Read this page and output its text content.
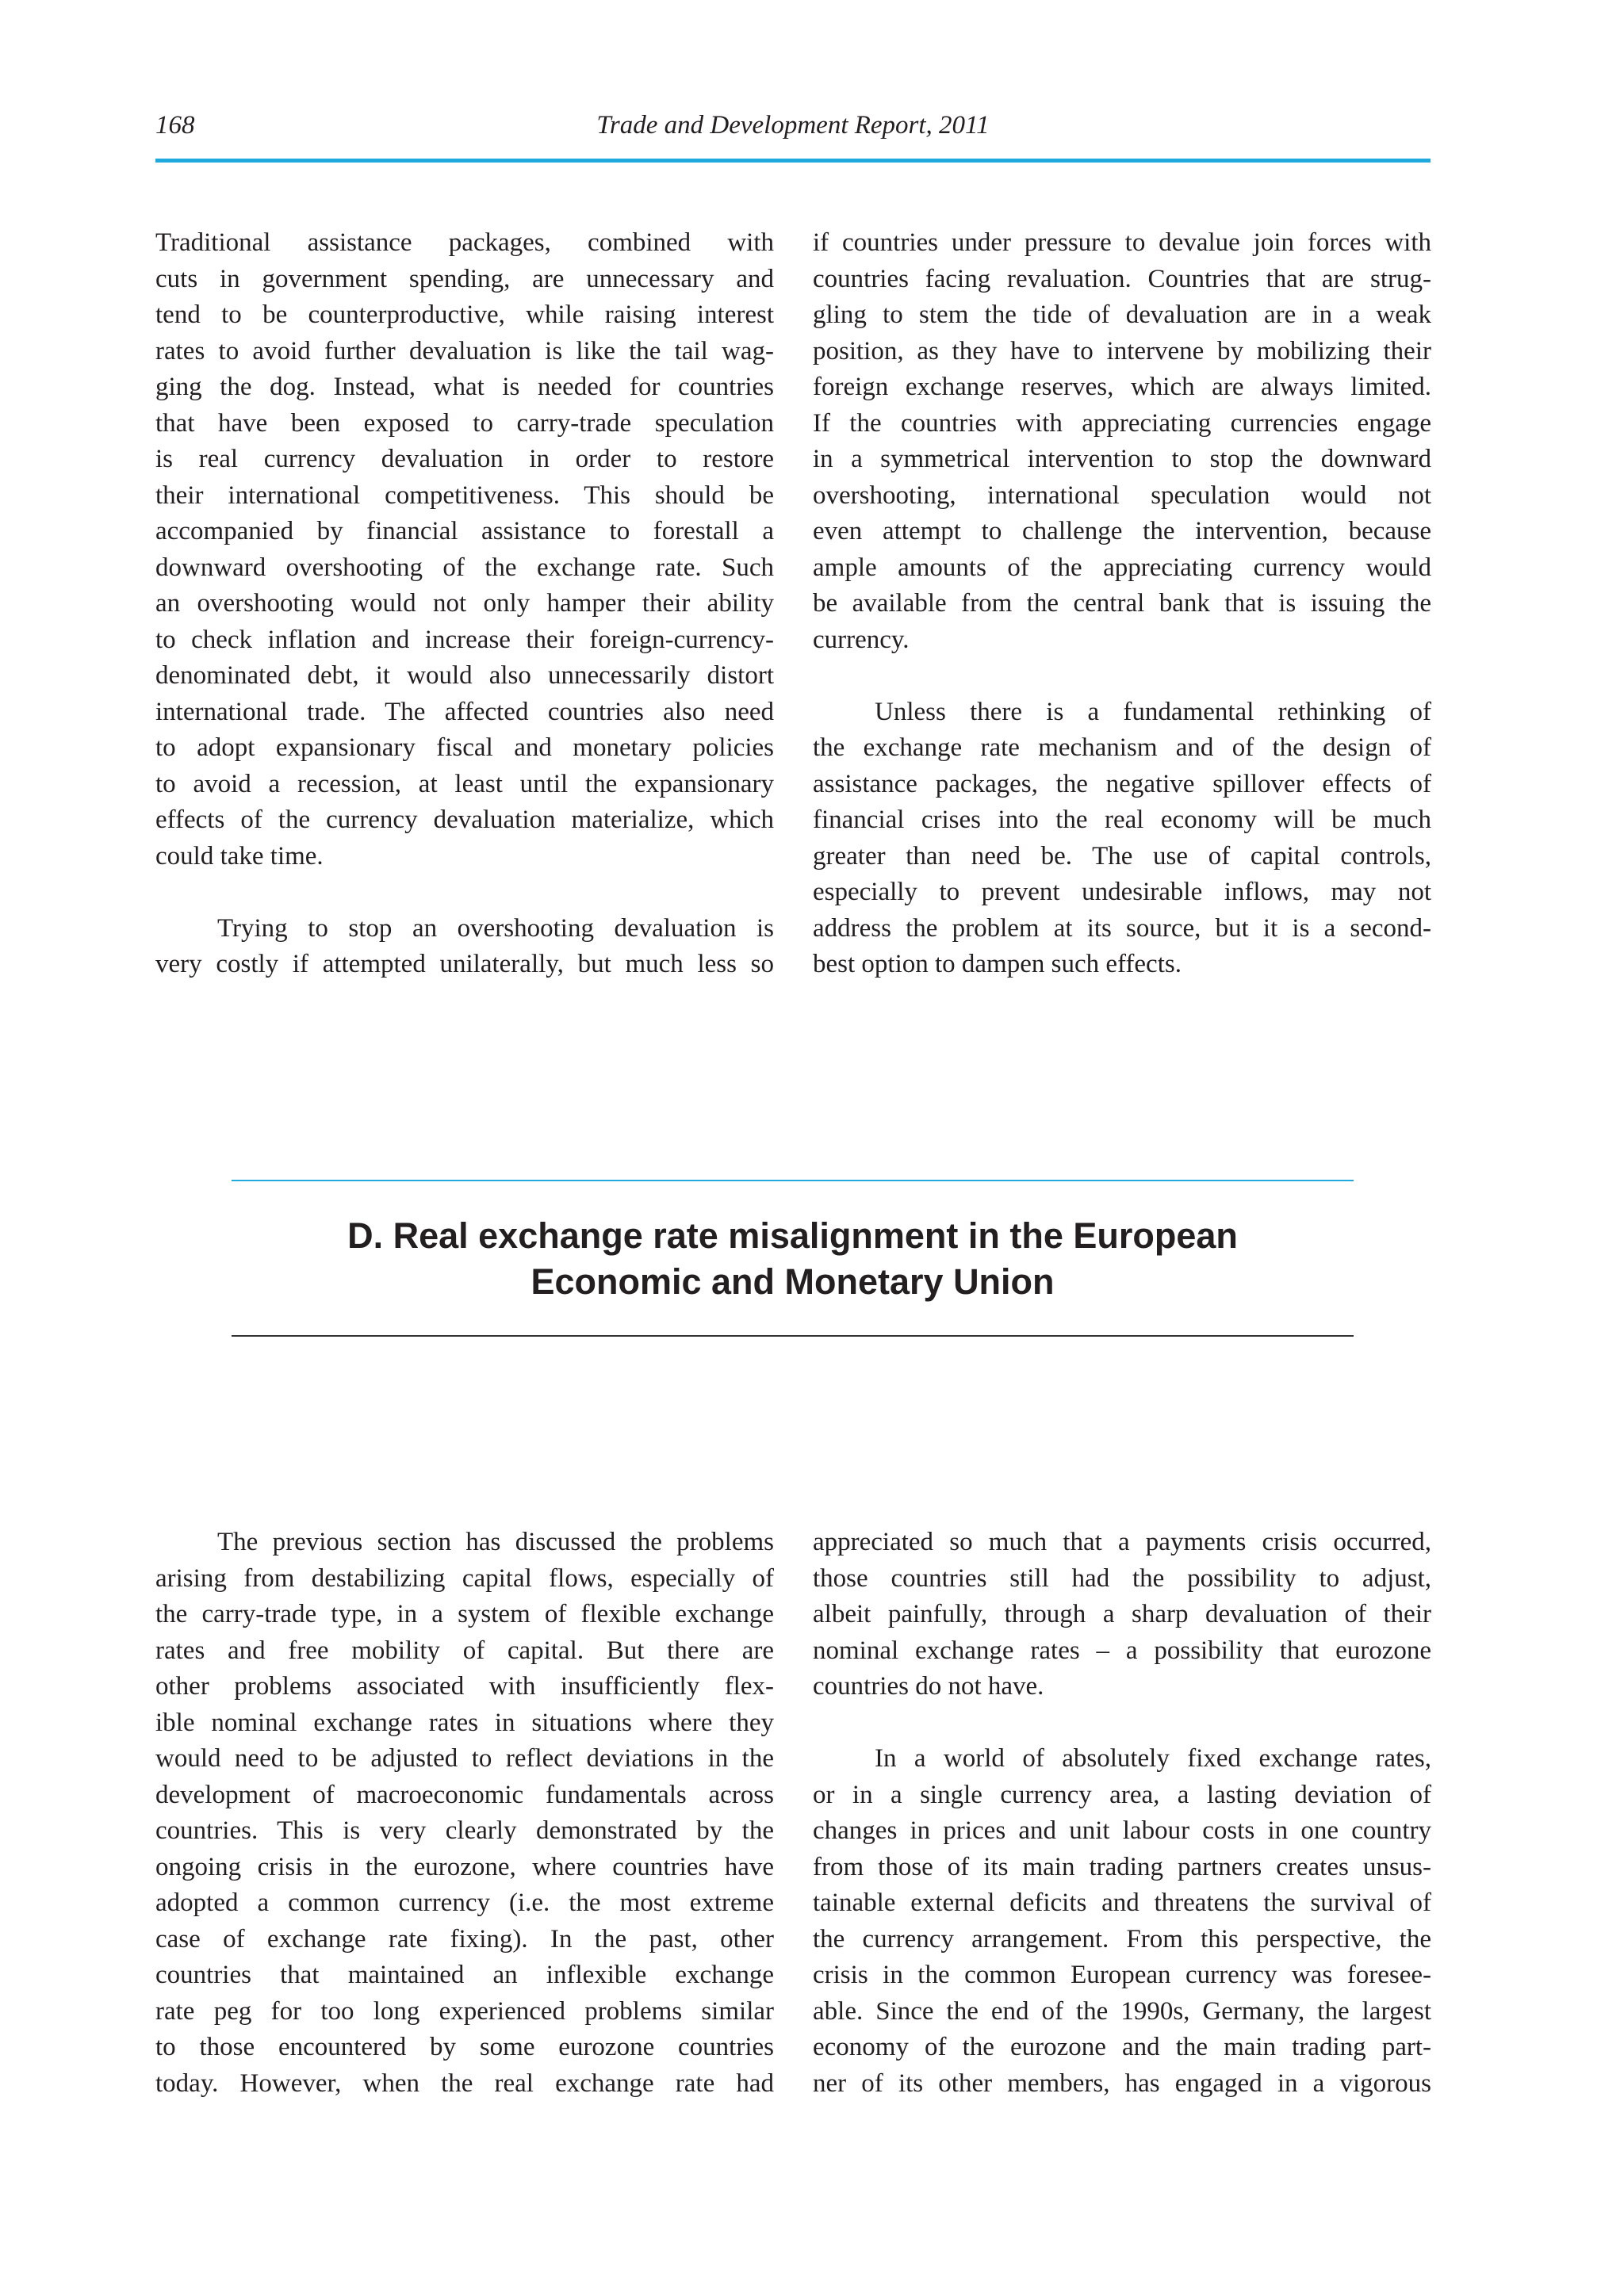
168	Trade and Development Report, 2011
Traditional assistance packages, combined with
cuts in government spending, are unnecessary and
tend to be counterproductive, while raising interest
rates to avoid further devaluation is like the tail wag-
ging the dog. Instead, what is needed for countries
that have been exposed to carry-trade speculation
is real currency devaluation in order to restore
their international competitiveness. This should be
accompanied by financial assistance to forestall a
downward overshooting of the exchange rate. Such
an overshooting would not only hamper their ability
to check inflation and increase their foreign-currency-
denominated debt, it would also unnecessarily distort
international trade. The affected countries also need
to adopt expansionary fiscal and monetary policies
to avoid a recession, at least until the expansionary
effects of the currency devaluation materialize, which
could take time.
Trying to stop an overshooting devaluation is
very costly if attempted unilaterally, but much less so
if countries under pressure to devalue join forces with
countries facing revaluation. Countries that are strug-
gling to stem the tide of devaluation are in a weak
position, as they have to intervene by mobilizing their
foreign exchange reserves, which are always limited.
If the countries with appreciating currencies engage
in a symmetrical intervention to stop the downward
overshooting, international speculation would not
even attempt to challenge the intervention, because
ample amounts of the appreciating currency would
be available from the central bank that is issuing the
currency.
Unless there is a fundamental rethinking of
the exchange rate mechanism and of the design of
assistance packages, the negative spillover effects of
financial crises into the real economy will be much
greater than need be. The use of capital controls,
especially to prevent undesirable inflows, may not
address the problem at its source, but it is a second-
best option to dampen such effects.
D. Real exchange rate misalignment in the European
Economic and Monetary Union
The previous section has discussed the problems
arising from destabilizing capital flows, especially of
the carry-trade type, in a system of flexible exchange
rates and free mobility of capital. But there are
other problems associated with insufficiently flex-
ible nominal exchange rates in situations where they
would need to be adjusted to reflect deviations in the
development of macroeconomic fundamentals across
countries. This is very clearly demonstrated by the
ongoing crisis in the eurozone, where countries have
adopted a common currency (i.e. the most extreme
case of exchange rate fixing). In the past, other
countries that maintained an inflexible exchange
rate peg for too long experienced problems similar
to those encountered by some eurozone countries
today. However, when the real exchange rate had
appreciated so much that a payments crisis occurred,
those countries still had the possibility to adjust,
albeit painfully, through a sharp devaluation of their
nominal exchange rates – a possibility that eurozone
countries do not have.
In a world of absolutely fixed exchange rates,
or in a single currency area, a lasting deviation of
changes in prices and unit labour costs in one country
from those of its main trading partners creates unsus-
tainable external deficits and threatens the survival of
the currency arrangement. From this perspective, the
crisis in the common European currency was foresee-
able. Since the end of the 1990s, Germany, the largest
economy of the eurozone and the main trading part-
ner of its other members, has engaged in a vigorous
